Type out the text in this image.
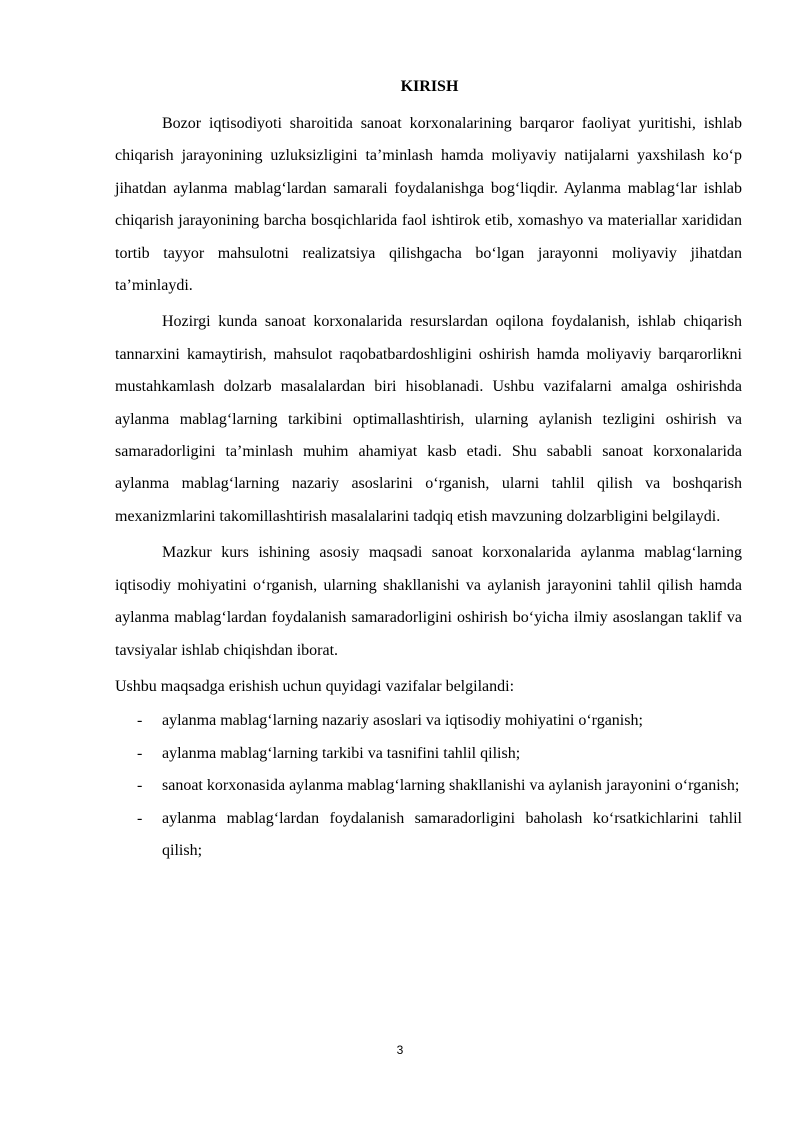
KIRISH

Bozor iqtisodiyoti sharoitida sanoat korxonalarining barqaror faoliyat yuritishi, ishlab chiqarish jarayonining uzluksizligini ta’minlash hamda moliyaviy natijalarni yaxshilash ko‘p jihatdan aylanma mablag‘lardan samarali foydalanishga bog‘liqdir. Aylanma mablag‘lar ishlab chiqarish jarayonining barcha bosqichlarida faol ishtirok etib, xomashyo va materiallar xarididan tortib tayyor mahsulotni realizatsiya qilishgacha bo‘lgan jarayonni moliyaviy jihatdan ta’minlaydi.

Hozirgi kunda sanoat korxonalarida resurslardan oqilona foydalanish, ishlab chiqarish tannarxini kamaytirish, mahsulot raqobatbardoshligini oshirish hamda moliyaviy barqarorlikni mustahkamlash dolzarb masalalardan biri hisoblanadi. Ushbu vazifalarni amalga oshirishda aylanma mablag‘larning tarkibini optimallashtirish, ularning aylanish tezligini oshirish va samaradorligini ta’minlash muhim ahamiyat kasb etadi. Shu sababli sanoat korxonalarida aylanma mablag‘larning nazariy asoslarini o‘rganish, ularni tahlil qilish va boshqarish mexanizmlarini takomillashtirish masalalarini tadqiq etish mavzuning dolzarbligini belgilaydi.

Mazkur kurs ishining asosiy maqsadi sanoat korxonalarida aylanma mablag‘larning iqtisodiy mohiyatini o‘rganish, ularning shakllanishi va aylanish jarayonini tahlil qilish hamda aylanma mablag‘lardan foydalanish samaradorligini oshirish bo‘yicha ilmiy asoslangan taklif va tavsiyalar ishlab chiqishdan iborat.

Ushbu maqsadga erishish uchun quyidagi vazifalar belgilandi:

- aylanma mablag‘larning nazariy asoslari va iqtisodiy mohiyatini o‘rganish;
- aylanma mablag‘larning tarkibi va tasnifini tahlil qilish;
- sanoat korxonasida aylanma mablag‘larning shakllanishi va aylanish jarayonini o‘rganish;
- aylanma mablag‘lardan foydalanish samaradorligini baholash ko‘rsatkichlarini tahlil qilish;
3
